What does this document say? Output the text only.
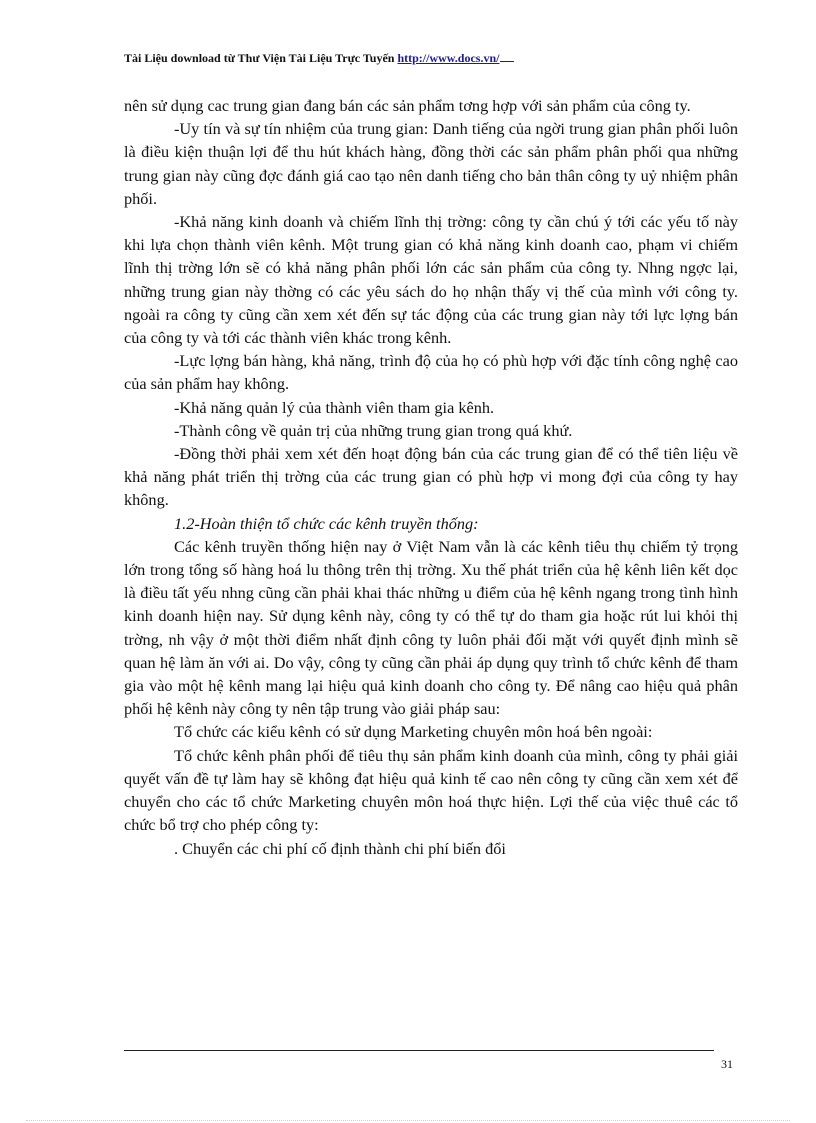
Tài Liệu download từ Thư Viện Tài Liệu Trực Tuyến http://www.docs.vn/

nên sử dụng cac trung gian đang bán các sản phẩm tơng hợp với sản phẩm của công ty.

-Uy tín và sự tín nhiệm của trung gian: Danh tiếng của ngời trung gian phân phối luôn là điều kiện thuận lợi để thu hút khách hàng, đồng thời các sản phẩm phân phối qua những trung gian này cũng đợc đánh giá cao tạo nên danh tiếng cho bản thân công ty uỷ nhiệm phân phối.

-Khả năng kinh doanh và chiếm lĩnh thị trờng: công ty cần chú ý tới các yếu tố này khi lựa chọn thành viên kênh. Một trung gian có khả năng kinh doanh cao, phạm vi chiếm lĩnh thị trờng lớn sẽ có khả năng phân phối lớn các sản phẩm của công ty. Nhng ngợc lại, những trung gian này thờng có các yêu sách do họ nhận thấy vị thế của mình với công ty. ngoài ra công ty cũng cần xem xét đến sự tác động của các trung gian này tới lực lợng bán của công ty và tới các thành viên khác trong kênh.

-Lực lợng bán hàng, khả năng, trình độ của họ có phù hợp với đặc tính công nghệ cao của sản phẩm hay không.

-Khả năng quản lý của thành viên tham gia kênh.

-Thành công về quản trị của những trung gian trong quá khứ.

-Đồng thời phải xem xét đến hoạt động bán của các trung gian để có thể tiên liệu về khả năng phát triển thị trờng của các trung gian có phù hợp vi mong đợi của công ty hay không.

1.2-Hoàn thiện tổ chức các kênh truyền thống:

Các kênh truyền thống hiện nay ở Việt Nam vẫn là các kênh tiêu thụ chiếm tỷ trọng lớn trong tổng số hàng hoá lu thông trên thị trờng. Xu thế phát triển của hệ kênh liên kết dọc là điều tất yếu nhng cũng cần phải khai thác những u điểm của hệ kênh ngang trong tình hình kinh doanh hiện nay. Sử dụng kênh này, công ty có thể tự do tham gia hoặc rút lui khỏi thị trờng, nh vậy ở một thời điểm nhất định công ty luôn phải đối mặt với quyết định mình sẽ quan hệ làm ăn với ai. Do vậy, công ty cũng cần phải áp dụng quy trình tổ chức kênh để tham gia vào một hệ kênh mang lại hiệu quả kinh doanh cho công ty. Để nâng cao hiệu quả phân phối hệ kênh này công ty nên tập trung vào giải pháp sau:

Tổ chức các kiểu kênh có sử dụng Marketing chuyên môn hoá bên ngoài:

Tổ chức kênh phân phối để tiêu thụ sản phẩm kinh doanh của mình, công ty phải giải quyết vấn đề tự làm hay sẽ không đạt hiệu quả kinh tế cao nên công ty cũng cần xem xét để chuyển cho các tổ chức Marketing chuyên môn hoá thực hiện. Lợi thế của việc thuê các tổ chức bổ trợ cho phép công ty:

. Chuyển các chi phí cố định thành chi phí biến đổi

31
